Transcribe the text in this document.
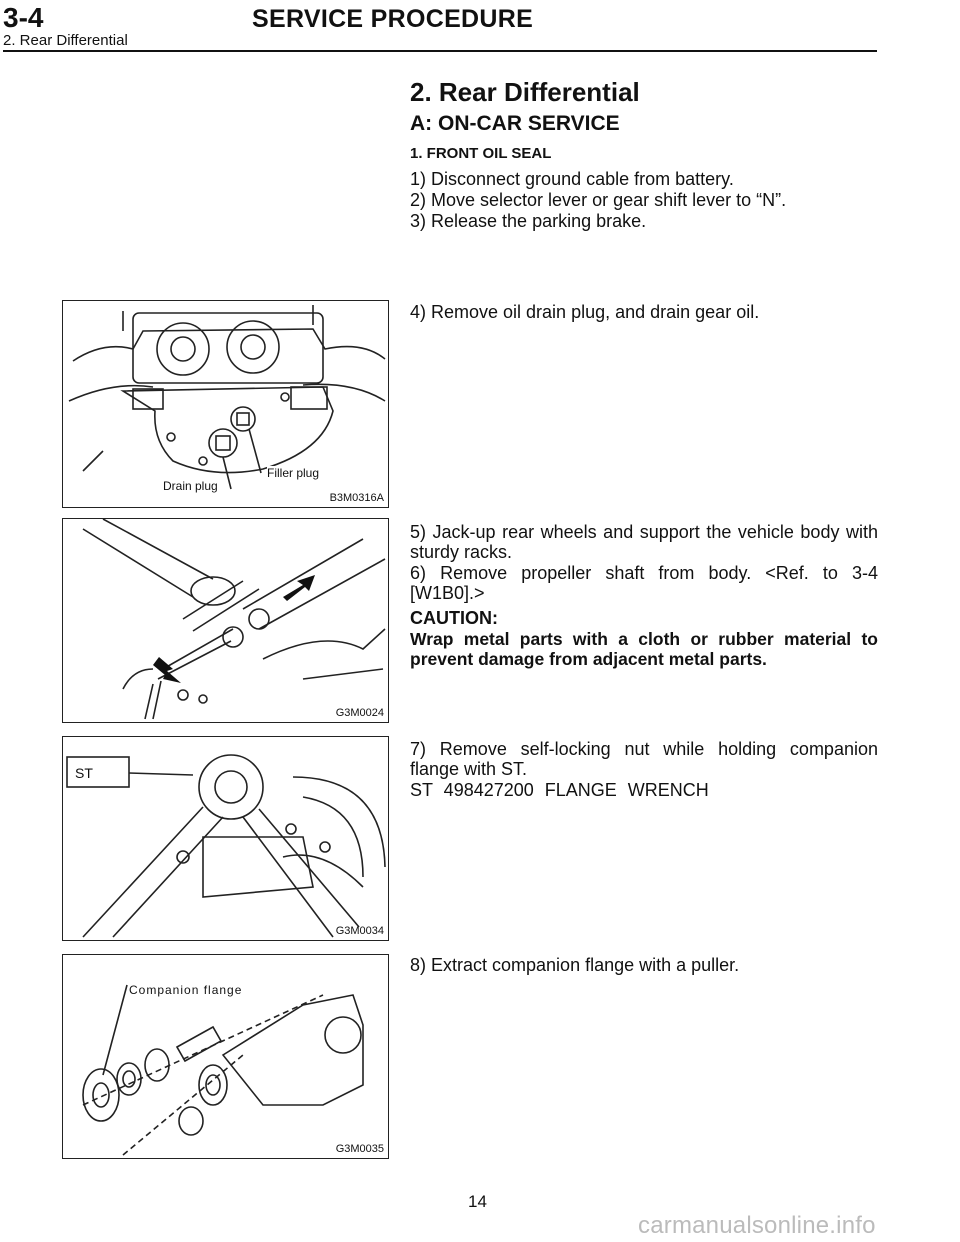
3-4	SERVICE PROCEDURE
2. Rear Differential
2. Rear Differential
A: ON-CAR SERVICE
1. FRONT OIL SEAL
1) Disconnect ground cable from battery.
2) Move selector lever or gear shift lever to “N”.
3) Release the parking brake.
4) Remove oil drain plug, and drain gear oil.
5) Jack-up rear wheels and support the vehicle body with sturdy racks.
6) Remove propeller shaft from body. <Ref. to 3-4 [W1B0].>
CAUTION:
Wrap metal parts with a cloth or rubber material to prevent damage from adjacent metal parts.
7) Remove self-locking nut while holding companion flange with ST.
ST 498427200 FLANGE WRENCH
8) Extract companion flange with a puller.
Drain plug
Filler plug
B3M0316A
G3M0024
ST
G3M0034
Companion flange
G3M0035
14
carmanualsonline.info
